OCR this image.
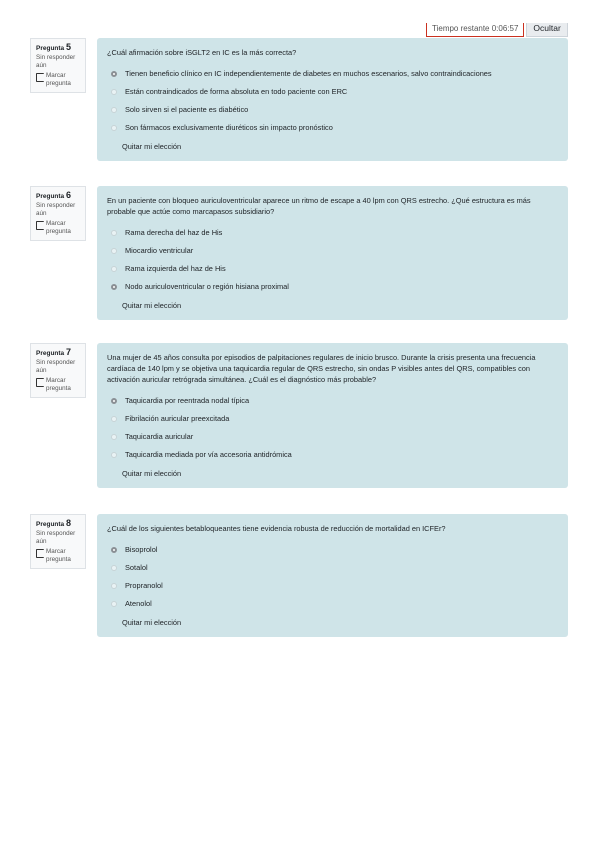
Tiempo restante 0:06:57	Ocultar
Pregunta 5
Sin responder aún
Marcar pregunta
¿Cuál afirmación sobre iSGLT2 en IC es la más correcta?
Tienen beneficio clínico en IC independientemente de diabetes en muchos escenarios, salvo contraindicaciones
Están contraindicados de forma absoluta en todo paciente con ERC
Solo sirven si el paciente es diabético
Son fármacos exclusivamente diuréticos sin impacto pronóstico
Quitar mi elección
Pregunta 6
Sin responder aún
Marcar pregunta
En un paciente con bloqueo auriculoventricular aparece un ritmo de escape a 40 lpm con QRS estrecho. ¿Qué estructura es más probable que actúe como marcapasos subsidiario?
Rama derecha del haz de His
Miocardio ventricular
Rama izquierda del haz de His
Nodo auriculoventricular o región hisiana proximal
Quitar mi elección
Pregunta 7
Sin responder aún
Marcar pregunta
Una mujer de 45 años consulta por episodios de palpitaciones regulares de inicio brusco. Durante la crisis presenta una frecuencia cardíaca de 140 lpm y se objetiva una taquicardia regular de QRS estrecho, sin ondas P visibles antes del QRS, compatibles con activación auricular retrógrada simultánea. ¿Cuál es el diagnóstico más probable?
Taquicardia por reentrada nodal típica
Fibrilación auricular preexcitada
Taquicardia auricular
Taquicardia mediada por vía accesoria antidrómica
Quitar mi elección
Pregunta 8
Sin responder aún
Marcar pregunta
¿Cuál de los siguientes betabloqueantes tiene evidencia robusta de reducción de mortalidad en ICFEr?
Bisoprolol
Sotalol
Propranolol
Atenolol
Quitar mi elección
